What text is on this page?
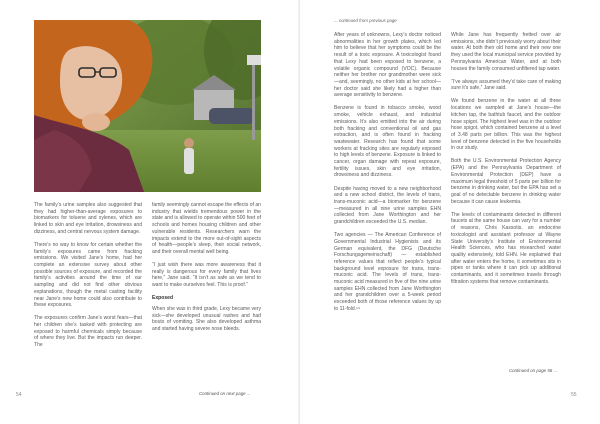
The family’s urine samples also suggested that they had higher-than-average exposures to biomarkers for toluene and xylenes, which are linked to skin and eye irritation, drowsiness and dizziness, and central nervous system damage.

There’s no way to know for certain whether the family’s exposures came from fracking emissions. We visited Jane’s home, had her complete an extensive survey about other possible sources of exposure, and recorded the family’s activities around the time of our sampling and did not find other obvious explanations, though the metal casting facility near Jane’s new home could also contribute to these exposures.

The exposures confirm Jane’s worst fears—that her children she’s tasked with protecting are exposed to harmful chemicals simply because of where they live. But the impacts run deeper. The

family seemingly cannot escape the effects of an industry that wields tremendous power in the state and is allowed to operate within 500 feet of schools and homes housing children and other vulnerable residents. Researchers warn the impacts extend to the more out-of-sight aspects of health—people’s sleep, their social network, and their overall mental well being.

“I just wish there was more awareness that it really is dangerous for every family that lives here,” Jane said. “It isn’t as safe as we tend to want to make ourselves feel. This is proof.”

Exposed

When she was in third grade, Lexy became very sick—she developed unusual rashes and had bouts of vomiting. She also developed asthma and started having severe nose bleeds.

Continued on next page ...
54
... continued from previous page

After years of unknowns, Lexy’s doctor noticed abnormalities in her growth plates, which led him to believe that her symptoms could be the result of a toxic exposure. A toxicologist found that Lexy had been exposed to benzene, a volatile organic compound (VOC). Because neither her brother nor grandmother were sick—and, seemingly, no other kids at her school—her doctor said she likely had a higher than average sensitivity to benzene.

Benzene is found in tobacco smoke, wood smoke, vehicle exhaust, and industrial emissions. It’s also emitted into the air during both fracking and conventional oil and gas extraction, and is often found in fracking wastewater. Research has found that some workers at fracking sites are regularly exposed to high levels of benzene. Exposure is linked to cancer, organ damage with repeat exposure, fertility issues, skin and eye irritation, drowsiness and dizziness.

Despite having moved to a new neighborhood and a new school district, the levels of trans, trans-muconic acid—a biomarker for benzene—measured in all nine urine samples EHN collected from Jane Worthington and her grandchildren exceeded the U.S. median.

Two agencies — The American Conference of Governmental Industrial Hygienists and its German equivalent, the DFG (Deutsche Forschungsgemeinschaft) — established reference values that reflect people’s typical background level exposure for trans, trans-muconic acid. The levels of trans, trans-muconic acid measured in five of the nine urine samples EHN collected from Jane Worthington and her grandchildren over a 5-week period exceeded both of those reference values by up to 11-fold.¹⁴

While Jane has frequently fretted over air emissions, she didn’t previously worry about their water. At both their old home and their new one they used the local municipal service provided by Pennsylvania American Water, and at both houses the family consumed unfiltered tap water.

“I’ve always assumed they’d take care of making sure it’s safe,” Jane said.

We found benzene in the water at all three locations we sampled at Jane’s house—the kitchen tap, the bathtub faucet, and the outdoor hose spigot. The highest level was in the outdoor hose spigot, which contained benzene at a level of 3.48 parts per billion. This was the highest level of benzene detected in the five households in our study.

Both the U.S. Environmental Protection Agency (EPA) and the Pennsylvania Department of Environmental Protection (DEP) have a maximum legal threshold of 5 parts per billion for benzene in drinking water, but the EPA has set a goal of no detectable benzene in drinking water because it can cause leukemia.

The levels of contaminants detected in different faucets at the same house can vary for a number of reasons, Chris Kassotis, an endocrine toxicologist and assistant professor at Wayne State University’s Institute of Environmental Health Sciences, who has researched water quality extensively, told EHN. He explained that after water enters the home, it sometimes sits in pipes or tanks where it can pick up additional contaminants, and it sometimes travels through filtration systems that remove contaminants.

Continued on page 56 ...
55
